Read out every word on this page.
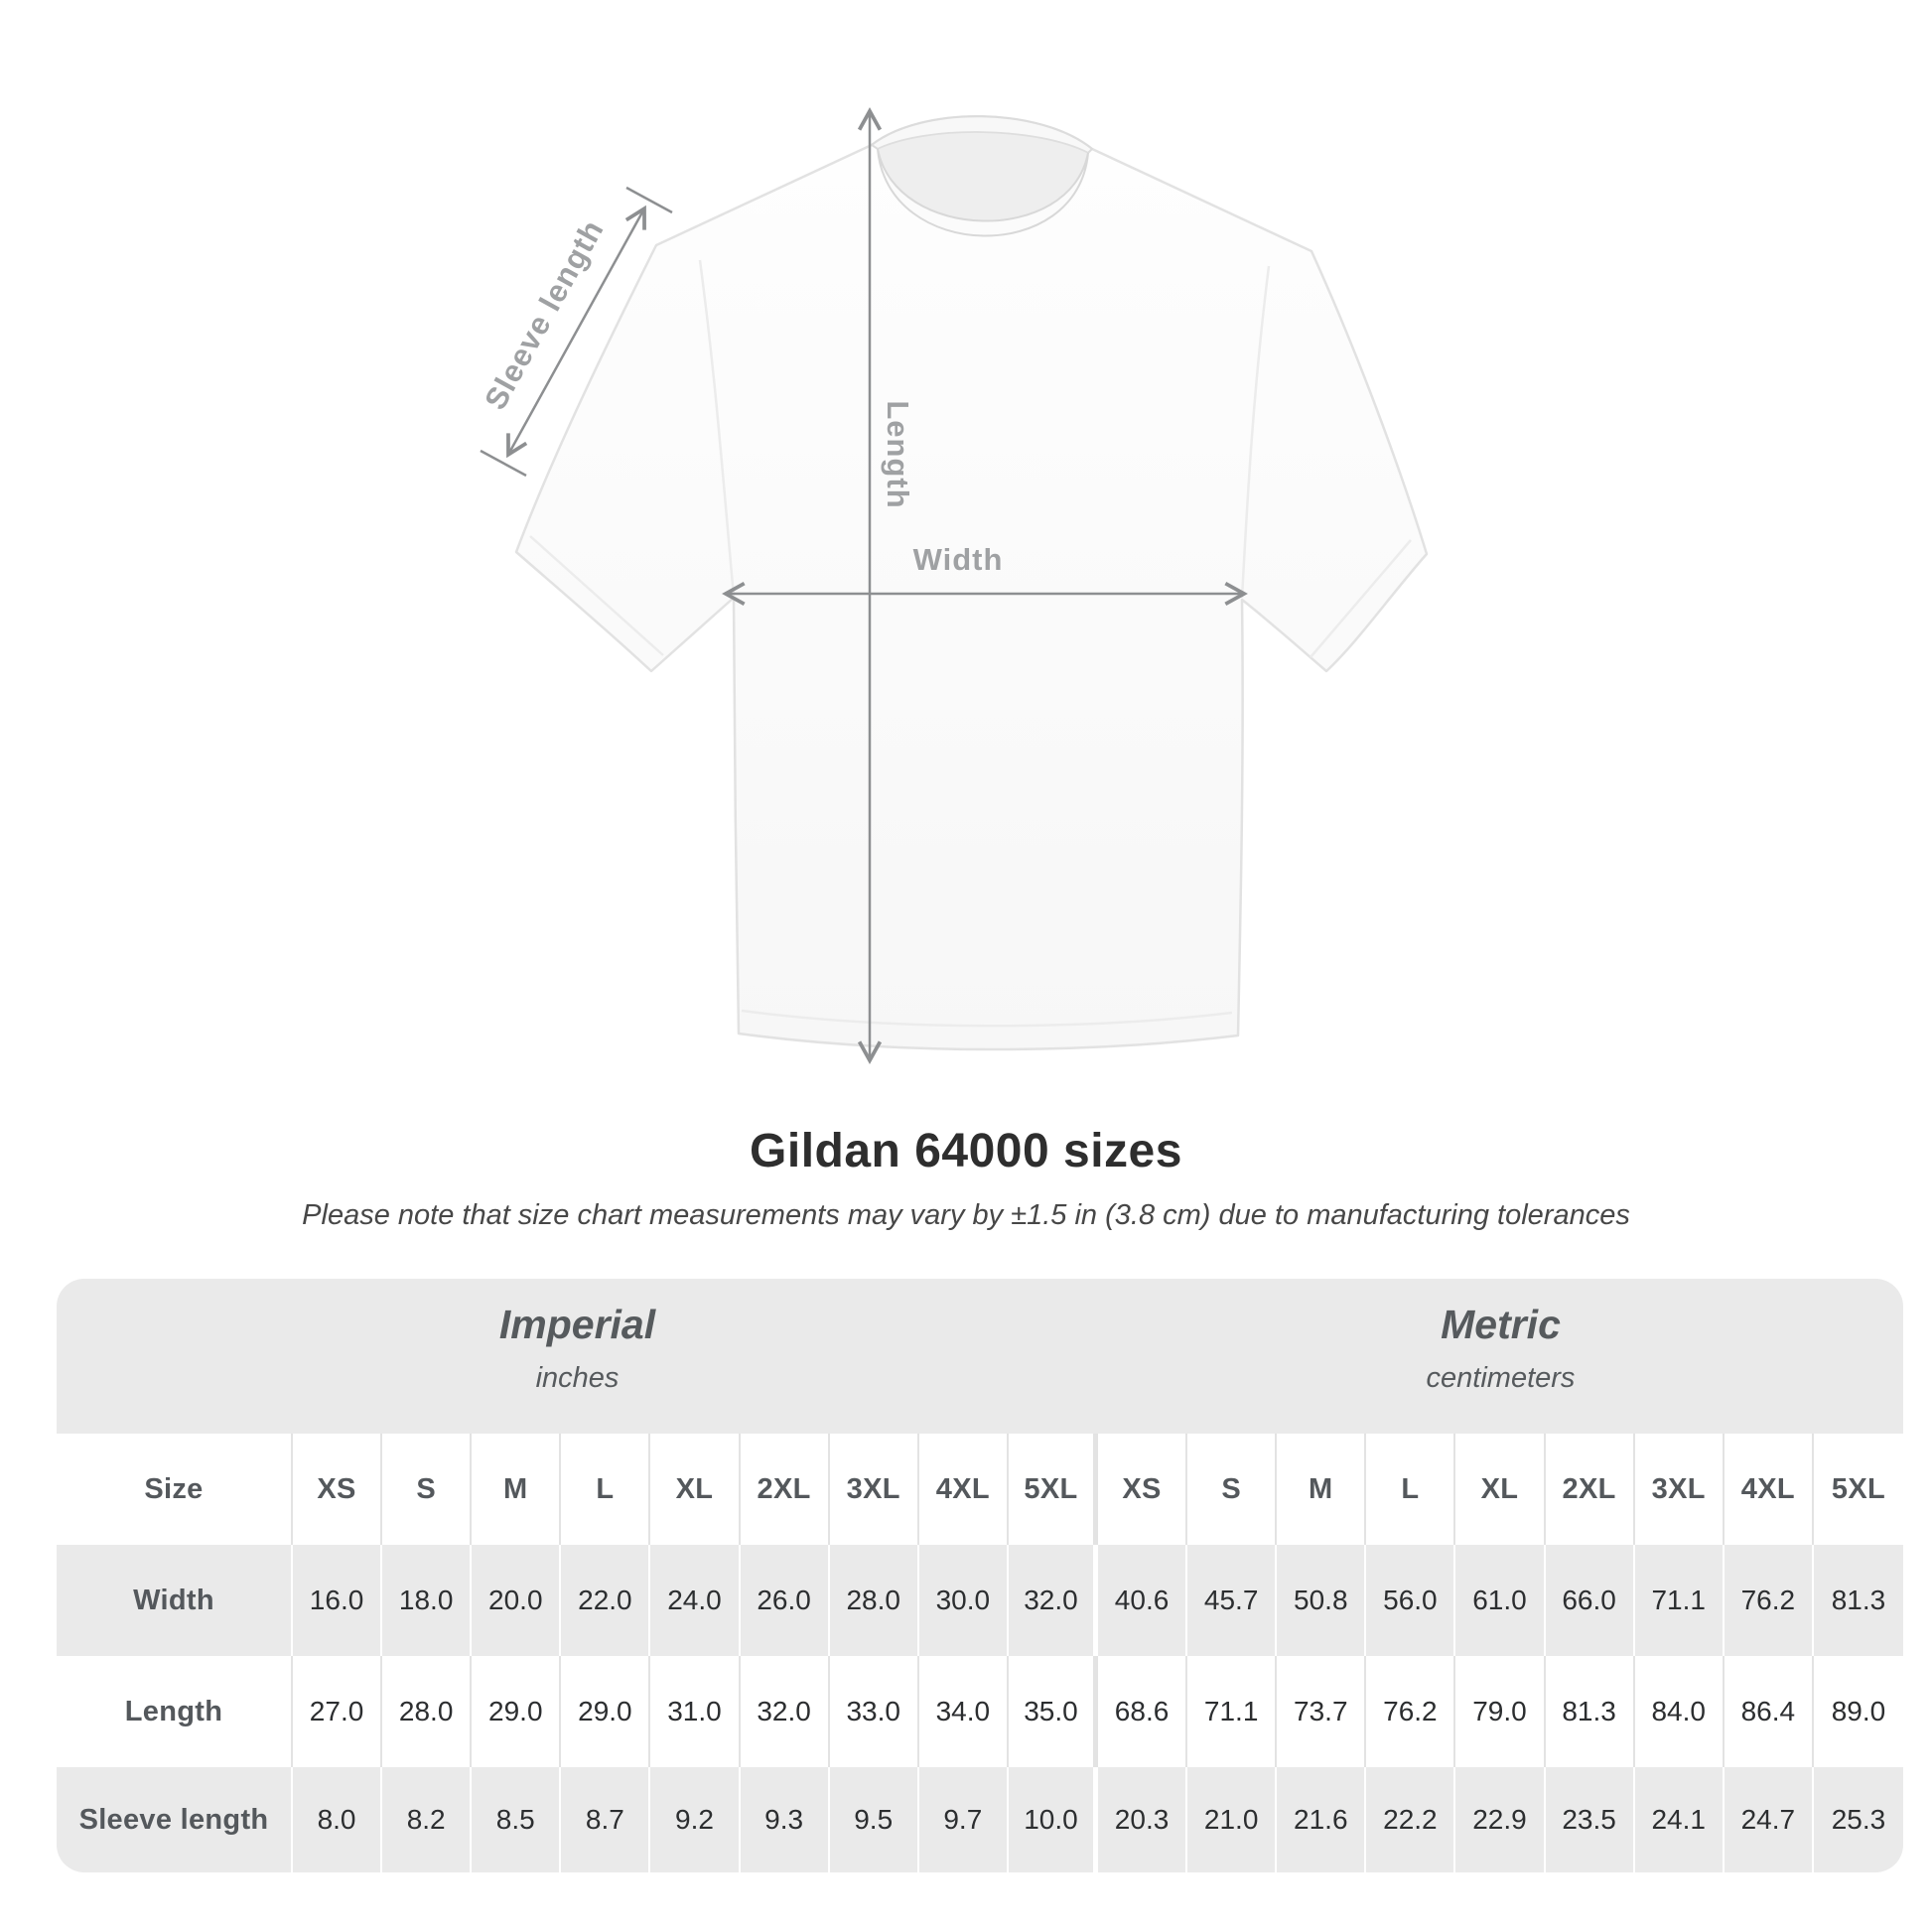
Width
Length
Sleeve length
Gildan 64000 sizes

Please note that size chart measurements may vary by ±1.5 in (3.8 cm) due to manufacturing tolerances

Imperial
inches
Metric
centimeters
Size	XS	S	M	L	XL	2XL	3XL	4XL	5XL	XS	S	M	L	XL	2XL	3XL	4XL	5XL
Width	16.0	18.0	20.0	22.0	24.0	26.0	28.0	30.0	32.0	40.6	45.7	50.8	56.0	61.0	66.0	71.1	76.2	81.3
Length	27.0	28.0	29.0	29.0	31.0	32.0	33.0	34.0	35.0	68.6	71.1	73.7	76.2	79.0	81.3	84.0	86.4	89.0
Sleeve length	8.0	8.2	8.5	8.7	9.2	9.3	9.5	9.7	10.0	20.3	21.0	21.6	22.2	22.9	23.5	24.1	24.7	25.3
